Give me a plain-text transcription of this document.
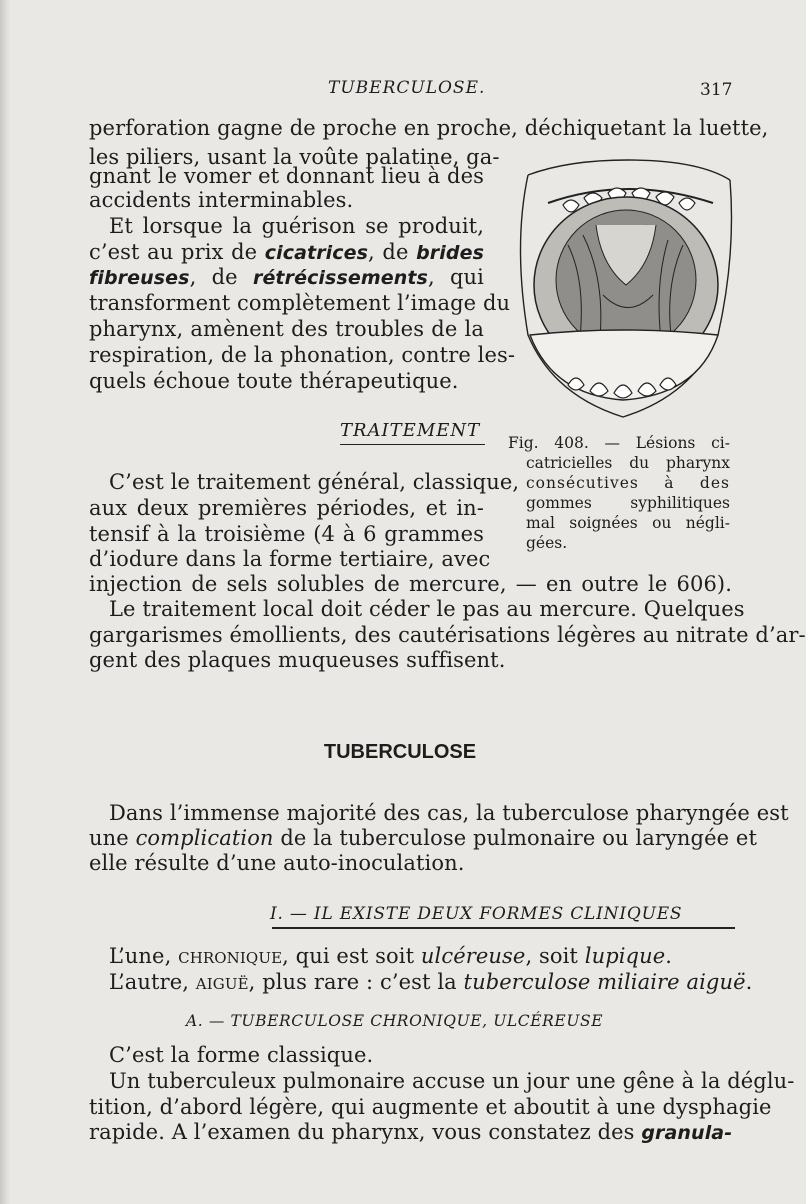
TUBERCULOSE.	317
perforation gagne de proche en proche, déchiquetant la luette,
les piliers, usant la voûte palatine, ga-
gnant le vomer et donnant lieu à des
accidents interminables.
Et lorsque la guérison se produit,
c’est au prix de cicatrices, de brides
fibreuses, de rétrécissements, qui
transforment complètement l’image du
pharynx, amènent des troubles de la
respiration, de la phonation, contre les-
quels échoue toute thérapeutique.
Fig. 408. — Lésions ci-
catricielles du pharynx
consécutives à des
gommes syphilitiques
mal soignées ou négli-
gées.
TRAITEMENT
C’est le traitement général, classique,
aux deux premières périodes, et in-
tensif à la troisième (4 à 6 grammes
d’iodure dans la forme tertiaire, avec
injection de sels solubles de mercure, — en outre le 606).
Le traitement local doit céder le pas au mercure. Quelques
gargarismes émollients, des cautérisations légères au nitrate d’ar-
gent des plaques muqueuses suffisent.
TUBERCULOSE
Dans l’immense majorité des cas, la tuberculose pharyngée est
une complication de la tuberculose pulmonaire ou laryngée et
elle résulte d’une auto-inoculation.
I. — IL EXISTE DEUX FORMES CLINIQUES
L’une, chronique, qui est soit ulcéreuse, soit lupique.
L’autre, aiguë, plus rare : c’est la tuberculose miliaire aiguë.
A. — TUBERCULOSE CHRONIQUE, ULCÉREUSE
C’est la forme classique.
Un tuberculeux pulmonaire accuse un jour une gêne à la déglu-
tition, d’abord légère, qui augmente et aboutit à une dysphagie
rapide. A l’examen du pharynx, vous constatez des granula-
